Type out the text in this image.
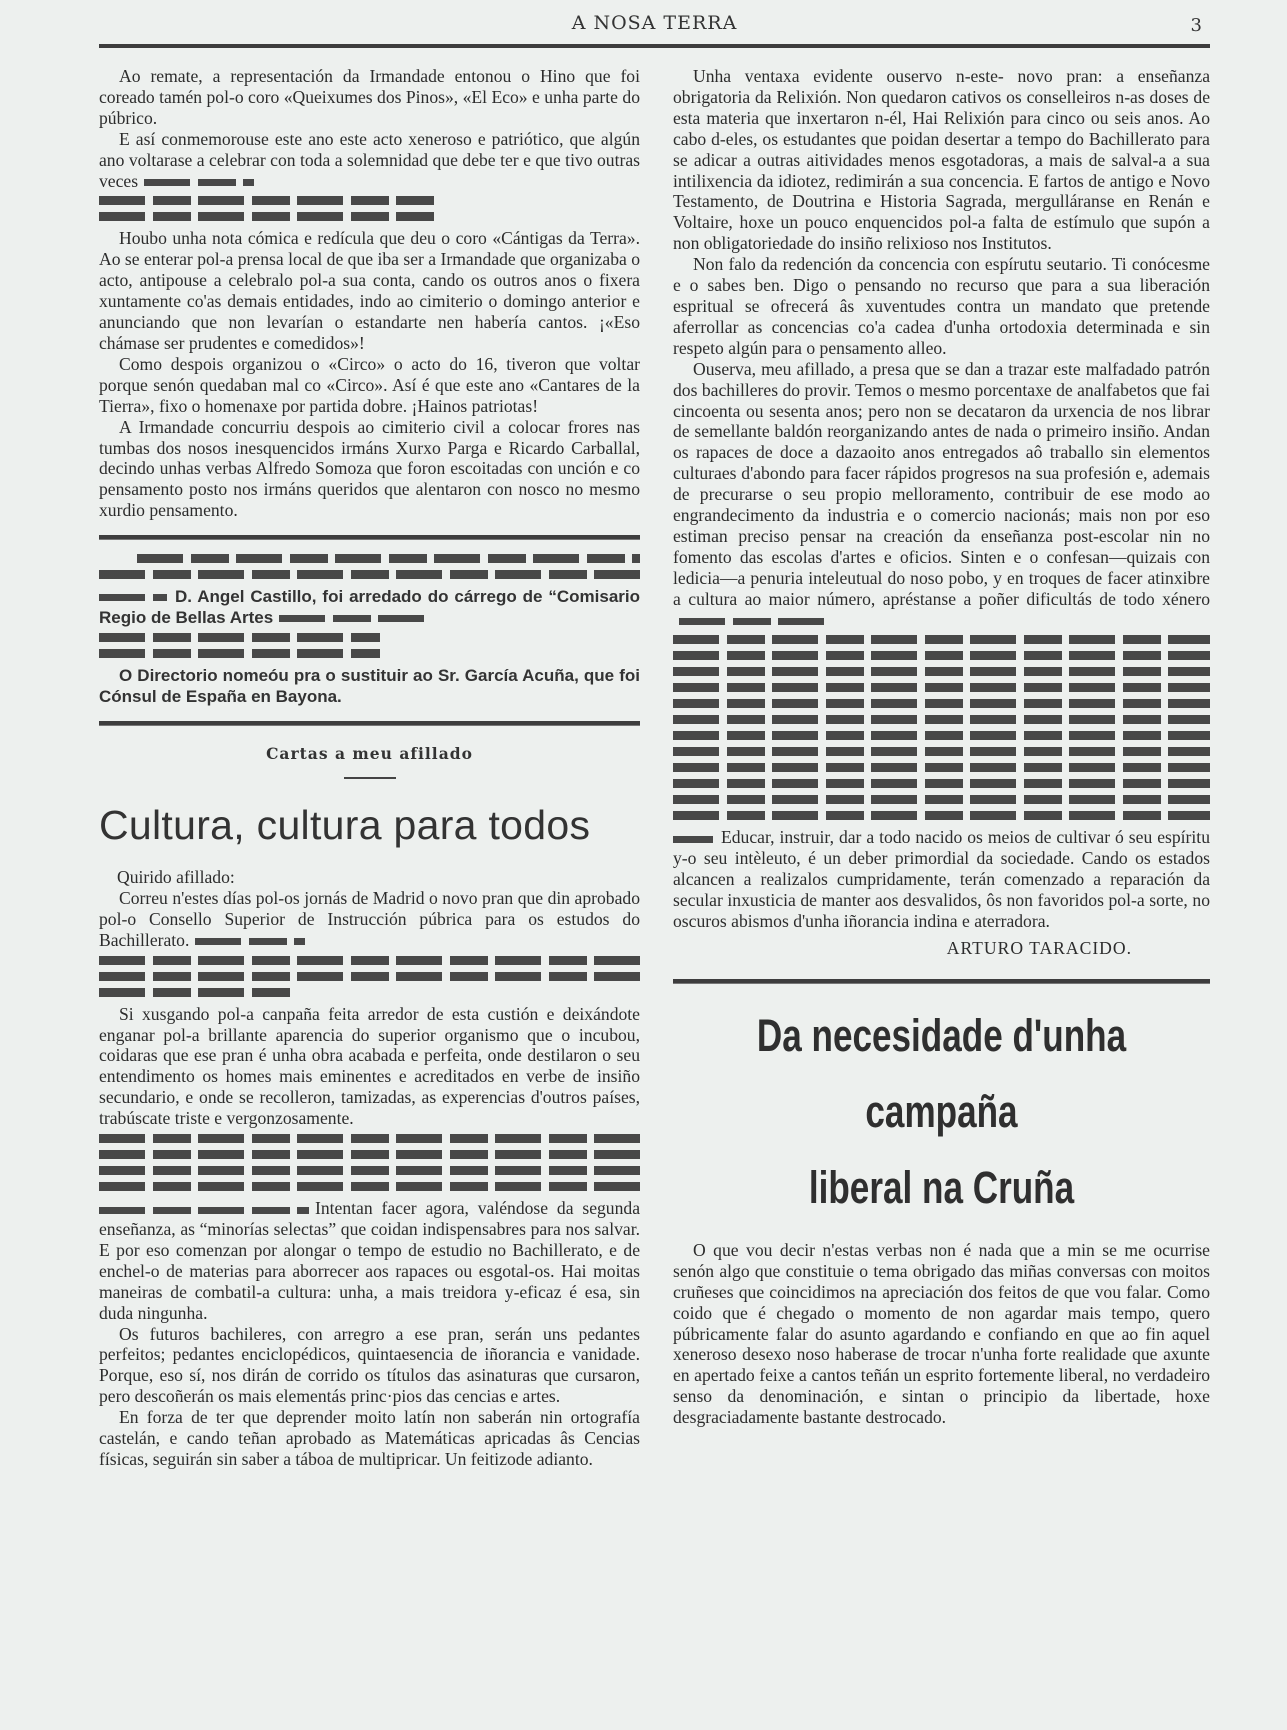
A NOSA TERRA	3

Ao remate, a representación da Irmandade entonou o Hino que foi coreado tamén pol-o coro «Queixumes dos Pinos», «El Eco» e unha parte do púbrico.

E así conmemorouse este ano este acto xeneroso e patriótico, que algún ano voltarase a celebrar con toda a solemnidad que debe ter e que tivo outras veces

Houbo unha nota cómica e redícula que deu o coro «Cántigas da Terra». Ao se enterar pol-a prensa local de que iba ser a Irmandade que organizaba o acto, antipouse a celebralo pol-a sua conta, cando os outros anos o fixera xuntamente co'as demais entidades, indo ao cimiterio o domingo anterior e anunciando que non levarían o estandarte nen habería cantos. ¡«Eso chámase ser prudentes e comedidos»!

Como despois organizou o «Circo» o acto do 16, tiveron que voltar porque senón quedaban mal co «Circo». Así é que este ano «Cantares de la Tierra», fixo o homenaxe por partida dobre. ¡Hainos patriotas!

A Irmandade concurriu despois ao cimiterio civil a colocar frores nas tumbas dos nosos inesquencidos irmáns Xurxo Parga e Ricardo Carballal, decindo unhas verbas Alfredo Somoza que foron escoitadas con unción e co pensamento posto nos irmáns queridos que alentaron con nosco no mesmo xurdio pensamento.

D. Angel Castillo, foi arredado do cárrego de “Comisario Regio de Bellas Artes
O Directorio nomeóu pra o sustituir ao Sr. García Acuña, que foi Cónsul de España en Bayona.
Cartas a meu afillado
Cultura, cultura para todos

Quirido afillado:

Correu n'estes días pol-os jornás de Madrid o novo pran que din aprobado pol-o Consello Superior de Instrucción púbrica para os estudos do Bachillerato.

Si xusgando pol-a canpaña feita arredor de esta custión e deixándote enganar pol-a brillante aparencia do superior organismo que o incubou, coidaras que ese pran é unha obra acabada e perfeita, onde destilaron o seu entendimento os homes mais eminentes e acreditados en verbe de insiño secundario, e onde se recolleron, tamizadas, as experencias d'outros países, trabúscate triste e vergonzosamente.

Intentan facer agora, valéndose da segunda enseñanza, as “minorías selectas” que coidan indispensabres para nos salvar. E por eso comenzan por alongar o tempo de estudio no Bachillerato, e de enchel-o de materias para aborrecer aos rapaces ou esgotal-os. Hai moitas maneiras de combatil-a cultura: unha, a mais treidora y-eficaz é esa, sin duda ningunha.

Os futuros bachileres, con arregro a ese pran, serán uns pedantes perfeitos; pedantes enciclopédicos, quintaesencia de iñorancia e vanidade. Porque, eso sí, nos dirán de corrido os títulos das asinaturas que cursaron, pero descoñerán os mais elementás princ·pios das cencias e artes.

En forza de ter que deprender moito latín non saberán nin ortografía castelán, e cando teñan aprobado as Matemáticas apricadas âs Cencias físicas, seguirán sin saber a táboa de multipricar. Un feitizode adianto.

Unha ventaxa evidente ouservo n-este- novo pran: a enseñanza obrigatoria da Relixión. Non quedaron cativos os conselleiros n-as doses de esta materia que inxertaron n-él, Hai Relixión para cinco ou seis anos. Ao cabo d-eles, os estudantes que poidan desertar a tempo do Bachillerato para se adicar a outras aitividades menos esgotadoras, a mais de salval-a a sua intilixencia da idiotez, redimirán a sua concencia. E fartos de antigo e Novo Testamento, de Doutrina e Historia Sagrada, mergulláranse en Renán e Voltaire, hoxe un pouco enquencidos pol-a falta de estímulo que supón a non obligatoriedade do insiño relixioso nos Institutos.

Non falo da redención da concencia con espírutu seutario. Ti conócesme e o sabes ben. Digo o pensando no recurso que para a sua liberación espritual se ofrecerá âs xuventudes contra un mandato que pretende aferrollar as concencias co'a cadea d'unha ortodoxia determinada e sin respeto algún para o pensamento alleo.

Ouserva, meu afillado, a presa que se dan a trazar este malfadado patrón dos bachilleres do provir. Temos o mesmo porcentaxe de analfabetos que fai cincoenta ou sesenta anos; pero non se decataron da urxencia de nos librar de semellante baldón reorganizando antes de nada o primeiro insiño. Andan os rapaces de doce a dazaoito anos entregados aô traballo sin elementos culturaes d'abondo para facer rápidos progresos na sua profesión e, ademais de precurarse o seu propio melloramento, contribuir de ese modo ao engrandecimento da industria e o comercio nacionás; mais non por eso estiman preciso pensar na creación da enseñanza post-escolar nin no fomento das escolas d'artes e oficios. Sinten e o confesan—quizais con ledicia—a penuria inteleutual do noso pobo, y en troques de facer atinxibre a cultura ao maior número, apréstanse a poñer dificultás de todo xénero

Educar, instruir, dar a todo nacido os meios de cultivar ó seu espíritu y-o seu intèleuto, é un deber primordial da sociedade. Cando os estados alcancen a realizalos cumpridamente, terán comenzado a reparación da secular inxusticia de manter aos desvalidos, ôs non favoridos pol-a sorte, no oscuros abismos d'unha iñorancia indina e aterradora.

ARTURO TARACIDO.
Da necesidade d'unha campaña
liberal na Cruña

O que vou decir n'estas verbas non é nada que a min se me ocurrise senón algo que constituie o tema obrigado das miñas conversas con moitos cruñeses que coincidimos na apreciación dos feitos de que vou falar. Como coido que é chegado o momento de non agardar mais tempo, quero púbricamente falar do asunto agardando e confiando en que ao fin aquel xeneroso desexo noso haberase de trocar n'unha forte realidade que axunte en apertado feixe a cantos teñán un esprito fortemente liberal, no verdadeiro senso da denominación, e sintan o principio da libertade, hoxe desgraciadamente bastante destrocado.
